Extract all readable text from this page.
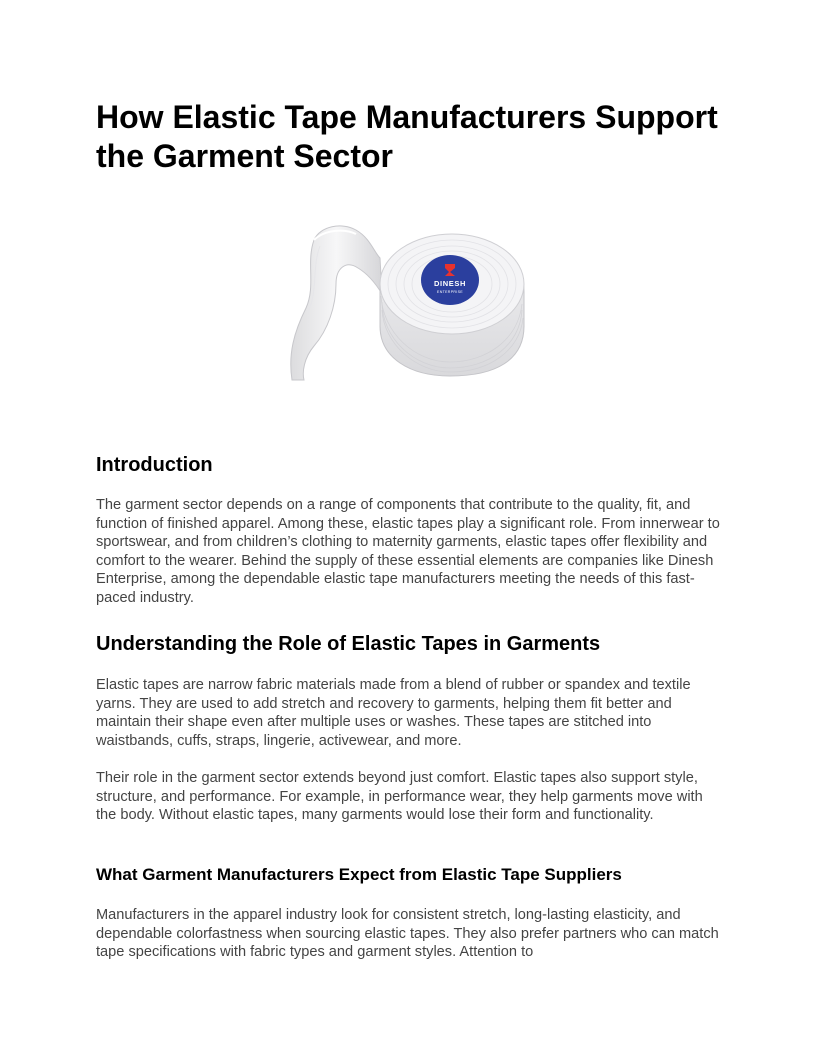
How Elastic Tape Manufacturers Support the Garment Sector
DINESH
ENTERPRISE
Introduction

The garment sector depends on a range of components that contribute to the quality, fit, and function of finished apparel. Among these, elastic tapes play a significant role. From innerwear to sportswear, and from children’s clothing to maternity garments, elastic tapes offer flexibility and comfort to the wearer. Behind the supply of these essential elements are companies like Dinesh Enterprise, among the dependable elastic tape manufacturers meeting the needs of this fast-paced industry.

Understanding the Role of Elastic Tapes in Garments

Elastic tapes are narrow fabric materials made from a blend of rubber or spandex and textile yarns. They are used to add stretch and recovery to garments, helping them fit better and maintain their shape even after multiple uses or washes. These tapes are stitched into waistbands, cuffs, straps, lingerie, activewear, and more.

Their role in the garment sector extends beyond just comfort. Elastic tapes also support style, structure, and performance. For example, in performance wear, they help garments move with the body. Without elastic tapes, many garments would lose their form and functionality.

What Garment Manufacturers Expect from Elastic Tape Suppliers

Manufacturers in the apparel industry look for consistent stretch, long-lasting elasticity, and dependable colorfastness when sourcing elastic tapes. They also prefer partners who can match tape specifications with fabric types and garment styles. Attention to
